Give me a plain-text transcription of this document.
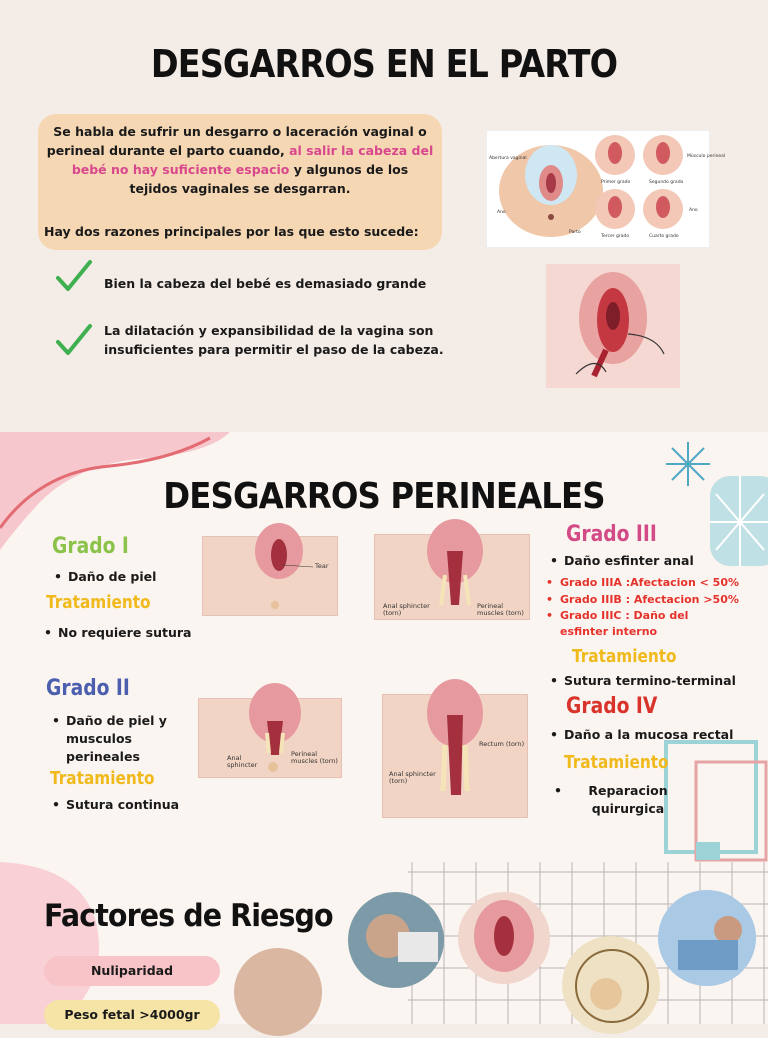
DESGARROS EN EL PARTO
Se habla de sufrir un desgarro o laceración vaginal o perineal durante el parto cuando, al salir la cabeza del bebé no hay suficiente espacio y algunos de los tejidos vaginales se desgarran.
Hay dos razones principales por las que esto sucede:
Bien la cabeza del bebé es demasiado grande
La dilatación y expansibilidad de la vagina son insuficientes para permitir el paso de la cabeza.
Abertura vaginal
Ano
Parto
Primer grado	Segundo grado
Tercer grado	Cuarto grado
Músculo perineal
Ano
DESGARROS PERINEALES
Grado I
• Daño de piel
Tratamiento
• No requiere sutura
Grado II
• Daño de piel y musculos perineales
Tratamiento
• Sutura continua
Tear
Anal sphincter (torn)
Perineal muscles (torn)
Anal sphincter
Perineal muscles (torn)
Rectum (torn)
Anal sphincter (torn)
Grado III
• Daño esfinter anal
• Grado IIIA :Afectacion < 50%
• Grado IIIB : Afectacion >50%
• Grado IIIC : Daño del esfinter interno
Tratamiento
• Sutura termino-terminal
Grado IV
• Daño a la mucosa rectal
Tratamiento
• Reparacion quirurgica
Factores de Riesgo
Nuliparidad
Peso fetal >4000gr
